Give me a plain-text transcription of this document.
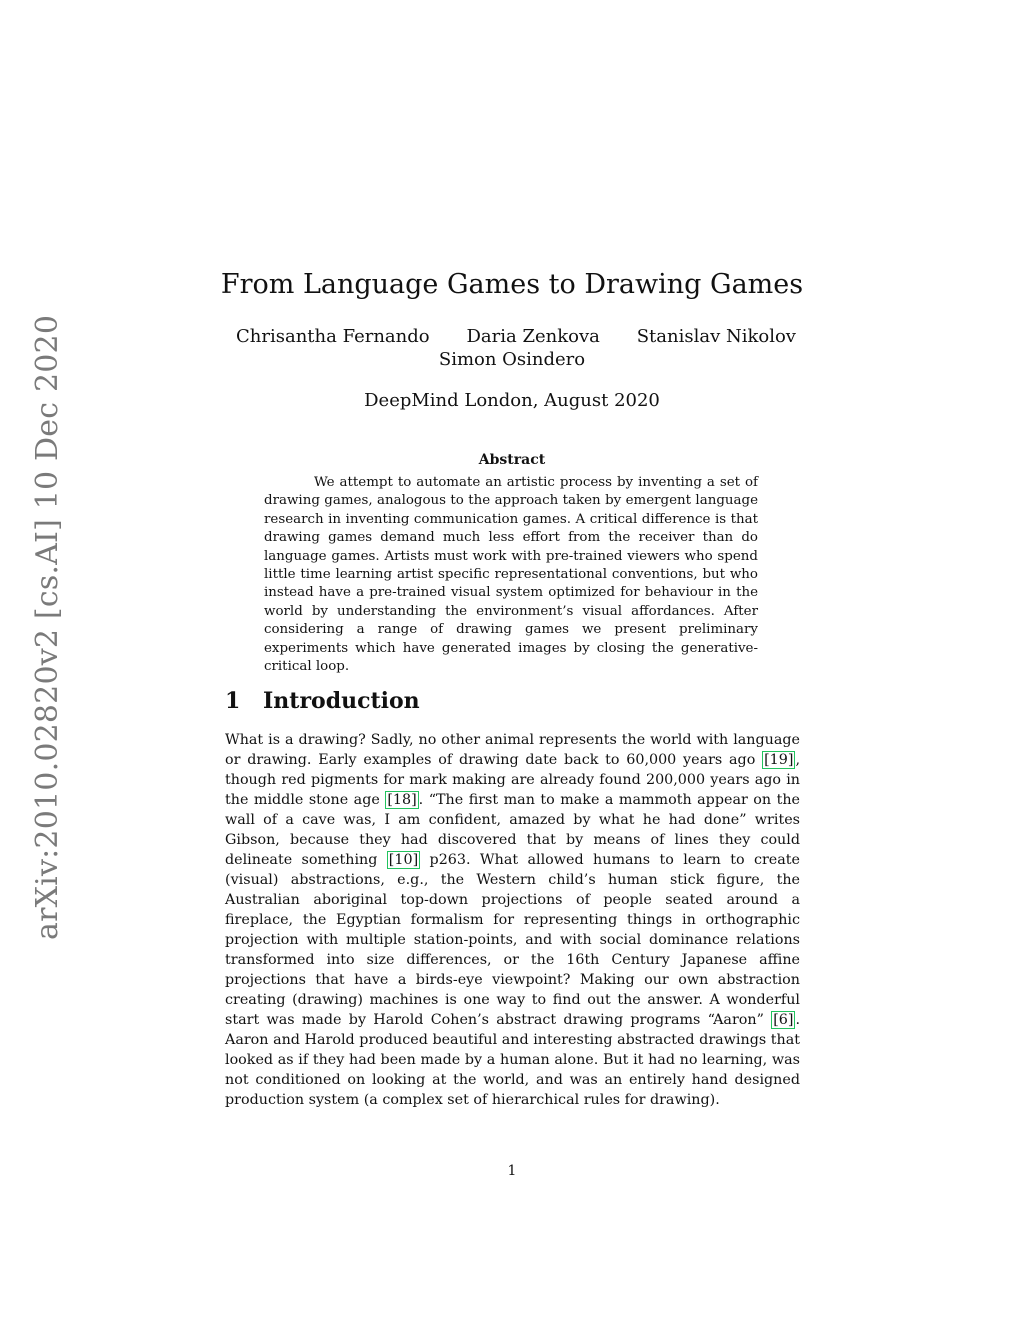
arXiv:2010.02820v2 [cs.AI] 10 Dec 2020
From Language Games to Drawing Games
Chrisantha Fernando Daria Zenkova Stanislav Nikolov
Simon Osindero
DeepMind London, August 2020
Abstract

We attempt to automate an artistic process by inventing a set of drawing games, analogous to the approach taken by emergent language research in inventing communication games. A critical difference is that drawing games demand much less effort from the receiver than do language games. Artists must work with pre-trained viewers who spend little time learning artist specific representational conventions, but who instead have a pre-trained visual system optimized for behaviour in the world by understanding the environment’s visual affordances. After considering a range of drawing games we present preliminary experiments which have generated images by closing the generative-critical loop.

1 Introduction

What is a drawing? Sadly, no other animal represents the world with language or drawing. Early examples of drawing date back to 60,000 years ago [19] , though red pigments for mark making are already found 200,000 years ago in the middle stone age [18] . “The first man to make a mammoth appear on the wall of a cave was, I am confident, amazed by what he had done” writes Gibson, because they had discovered that by means of lines they could delineate something [10] p263. What allowed humans to learn to create (visual) abstractions, e.g., the Western child’s human stick figure, the Australian aboriginal top-down projections of people seated around a fireplace, the Egyptian formalism for representing things in orthographic projection with multiple station-points, and with social dominance relations transformed into size differences, or the 16th Century Japanese affine projections that have a birds-eye viewpoint? Making our own abstraction creating (drawing) machines is one way to find out the answer. A wonderful start was made by Harold Cohen’s abstract drawing programs “Aaron” [6] . Aaron and Harold produced beautiful and interesting abstracted drawings that looked as if they had been made by a human alone. But it had no learning, was not conditioned on looking at the world, and was an entirely hand designed production system (a complex set of hierarchical rules for drawing).

1
